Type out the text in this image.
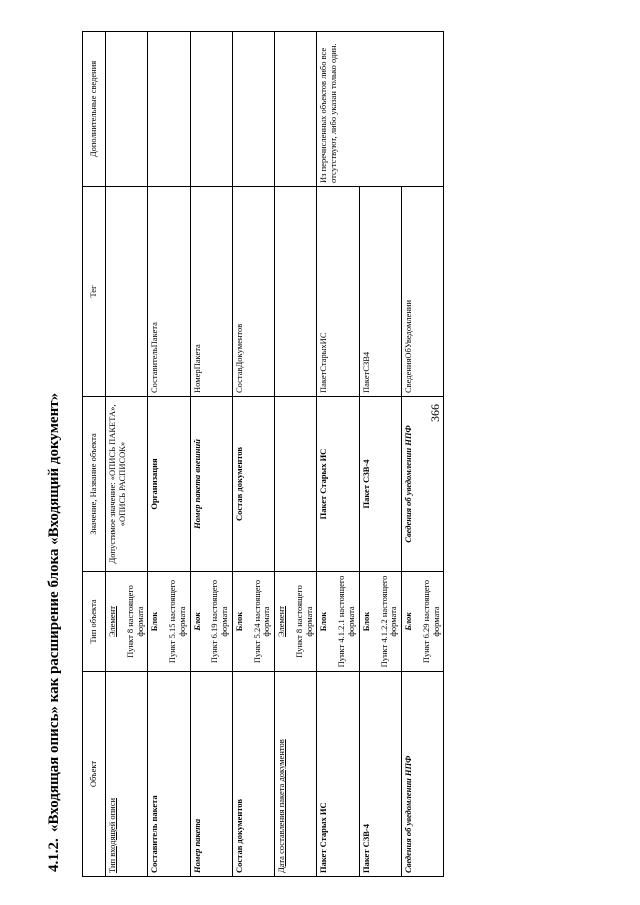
366
4.1.2.«Входящая опись» как расширение блока «Входящий документ»	Объект	Тип объекта	Значение, Название объекта	Тег	Дополнительные сведения
Тип входящей описи	Элемент Пункт 8 настоящего формата	Допустимое значение: «ОПИСЬ ПАКЕТА», «ОПИСЬ РАСПИСОК»		
Составитель пакета	Блок Пункт 5.15 настоящего формата	Организация	СоставительПакета	
Номер пакета	Блок Пункт 6.19 настоящего формата	Номер пакета внешний	НомерПакета	
Состав документов	Блок Пункт 5.24 настоящего формата	Состав документов	СоставДокументов	
Дата составления пакета документов	Элемент Пункт 8 настоящего формата			

Пакет Старых ИС	Блок Пункт 4.1.2.1 настоящего формата	Пакет Старых ИС	ПакетСтарыхИС	Из перечисленных объектов либо все отсутствуют, либо указан только один.
Пакет СЗВ-4	Блок Пункт 4.1.2.2 настоящего формата	Пакет СЗВ-4	ПакетСЗВ4	
Сведения об уведомлении НПФ	Блок Пункт 6.29 настоящего формата	Сведения об уведомлении НПФ	СведенияОбУведомлении	
